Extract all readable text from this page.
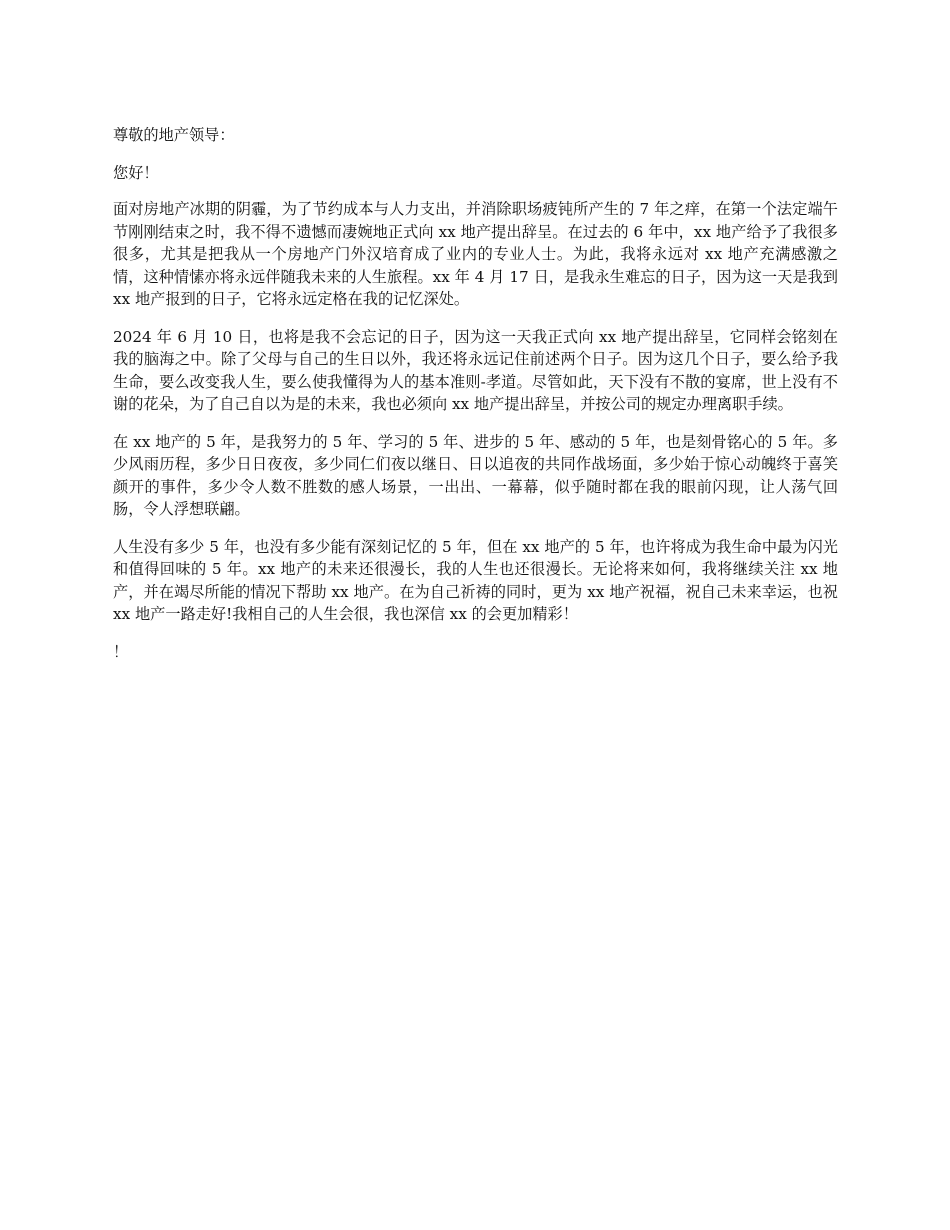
尊敬的地产领导：

您好！

面对房地产冰期的阴霾，为了节约成本与人力支出，并消除职场疲钝所产生的 7 年之痒，在第一个法定端午节刚刚结束之时，我不得不遗憾而凄婉地正式向 xx 地产提出辞呈。在过去的 6 年中，xx 地产给予了我很多很多，尤其是把我从一个房地产门外汉培育成了业内的专业人士。为此，我将永远对 xx 地产充满感激之情，这种情愫亦将永远伴随我未来的人生旅程。xx 年 4 月 17 日，是我永生难忘的日子，因为这一天是我到 xx 地产报到的日子，它将永远定格在我的记忆深处。

2024 年 6 月 10 日，也将是我不会忘记的日子，因为这一天我正式向 xx 地产提出辞呈，它同样会铭刻在我的脑海之中。除了父母与自己的生日以外，我还将永远记住前述两个日子。因为这几个日子，要么给予我生命，要么改变我人生，要么使我懂得为人的基本准则-孝道。尽管如此，天下没有不散的宴席，世上没有不谢的花朵，为了自己自以为是的未来，我也必须向 xx 地产提出辞呈，并按公司的规定办理离职手续。

在 xx 地产的 5 年，是我努力的 5 年、学习的 5 年、进步的 5 年、感动的 5 年，也是刻骨铭心的 5 年。多少风雨历程，多少日日夜夜，多少同仁们夜以继日、日以追夜的共同作战场面，多少始于惊心动魄终于喜笑颜开的事件，多少令人数不胜数的感人场景，一出出、一幕幕，似乎随时都在我的眼前闪现，让人荡气回肠，令人浮想联翩。

人生没有多少 5 年，也没有多少能有深刻记忆的 5 年，但在 xx 地产的 5 年，也许将成为我生命中最为闪光和值得回味的 5 年。xx 地产的未来还很漫长，我的人生也还很漫长。无论将来如何，我将继续关注 xx 地产，并在竭尽所能的情况下帮助 xx 地产。在为自己祈祷的同时，更为 xx 地产祝福，祝自己未来幸运，也祝 xx 地产一路走好!我相自己的人生会很，我也深信 xx 的会更加精彩！

！
